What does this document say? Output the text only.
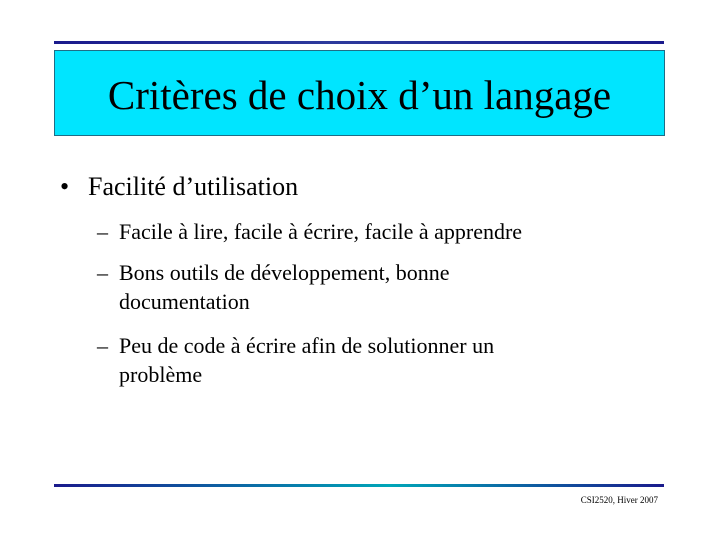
Critères de choix d’un langage
• Facilité d’utilisation
– Facile à lire, facile à écrire, facile à apprendre
– Bons outils de développement, bonne
documentation
– Peu de code à écrire afin de solutionner un
problème
CSI2520, Hiver 2007
